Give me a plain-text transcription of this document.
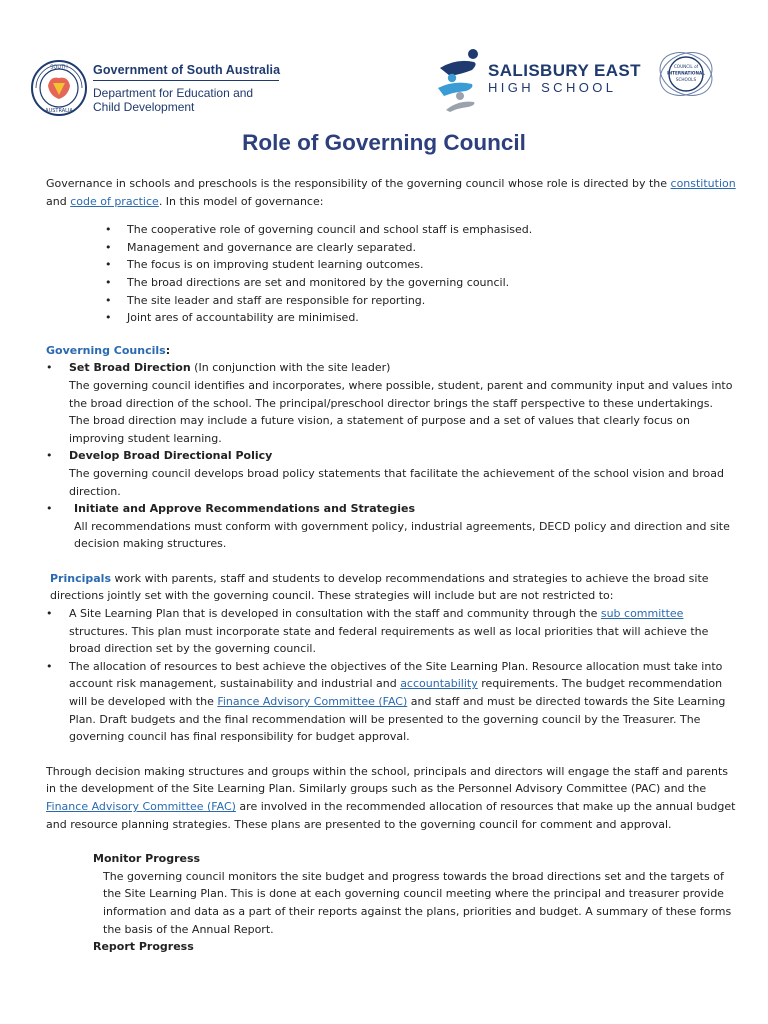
SOUTH
AUSTRALIA
Government of South Australia
Department for Education and
Child Development
SALISBURY EAST
HIGH SCHOOL
COUNCIL of
INTERNATIONAL
SCHOOLS
Role of Governing Council

Governance in schools and preschools is the responsibility of the governing council whose role is directed by the constitution and code of practice. In this model of governance:

• The cooperative role of governing council and school staff is emphasised.
• Management and governance are clearly separated.
• The focus is on improving student learning outcomes.
• The broad directions are set and monitored by the governing council.
• The site leader and staff are responsible for reporting.
• Joint ares of accountability are minimised.

Governing Councils:

• Set Broad Direction (In conjunction with the site leader)
The governing council identifies and incorporates, where possible, student, parent and community input and values into the broad direction of the school. The principal/preschool director brings the staff perspective to these undertakings. The broad direction may include a future vision, a statement of purpose and a set of values that clearly focus on improving student learning.
• Develop Broad Directional Policy
The governing council develops broad policy statements that facilitate the achievement of the school vision and broad direction.
• Initiate and Approve Recommendations and Strategies
All recommendations must conform with government policy, industrial agreements, DECD policy and direction and site decision making structures.

Principals work with parents, staff and students to develop recommendations and strategies to achieve the broad site directions jointly set with the governing council. These strategies will include but are not restricted to:

• A Site Learning Plan that is developed in consultation with the staff and community through the sub committee structures. This plan must incorporate state and federal requirements as well as local priorities that will achieve the broad direction set by the governing council.
• The allocation of resources to best achieve the objectives of the Site Learning Plan. Resource allocation must take into account risk management, sustainability and industrial and accountability requirements. The budget recommendation will be developed with the Finance Advisory Committee (FAC) and staff and must be directed towards the Site Learning Plan. Draft budgets and the final recommendation will be presented to the governing council by the Treasurer. The governing council has final responsibility for budget approval.

Through decision making structures and groups within the school, principals and directors will engage the staff and parents in the development of the Site Learning Plan. Similarly groups such as the Personnel Advisory Committee (PAC) and the Finance Advisory Committee (FAC) are involved in the recommended allocation of resources that make up the annual budget and resource planning strategies. These plans are presented to the governing council for comment and approval.

Monitor Progress

The governing council monitors the site budget and progress towards the broad directions set and the targets of the Site Learning Plan. This is done at each governing council meeting where the principal and treasurer provide information and data as a part of their reports against the plans, priorities and budget. A summary of these forms the basis of the Annual Report.

Report Progress
